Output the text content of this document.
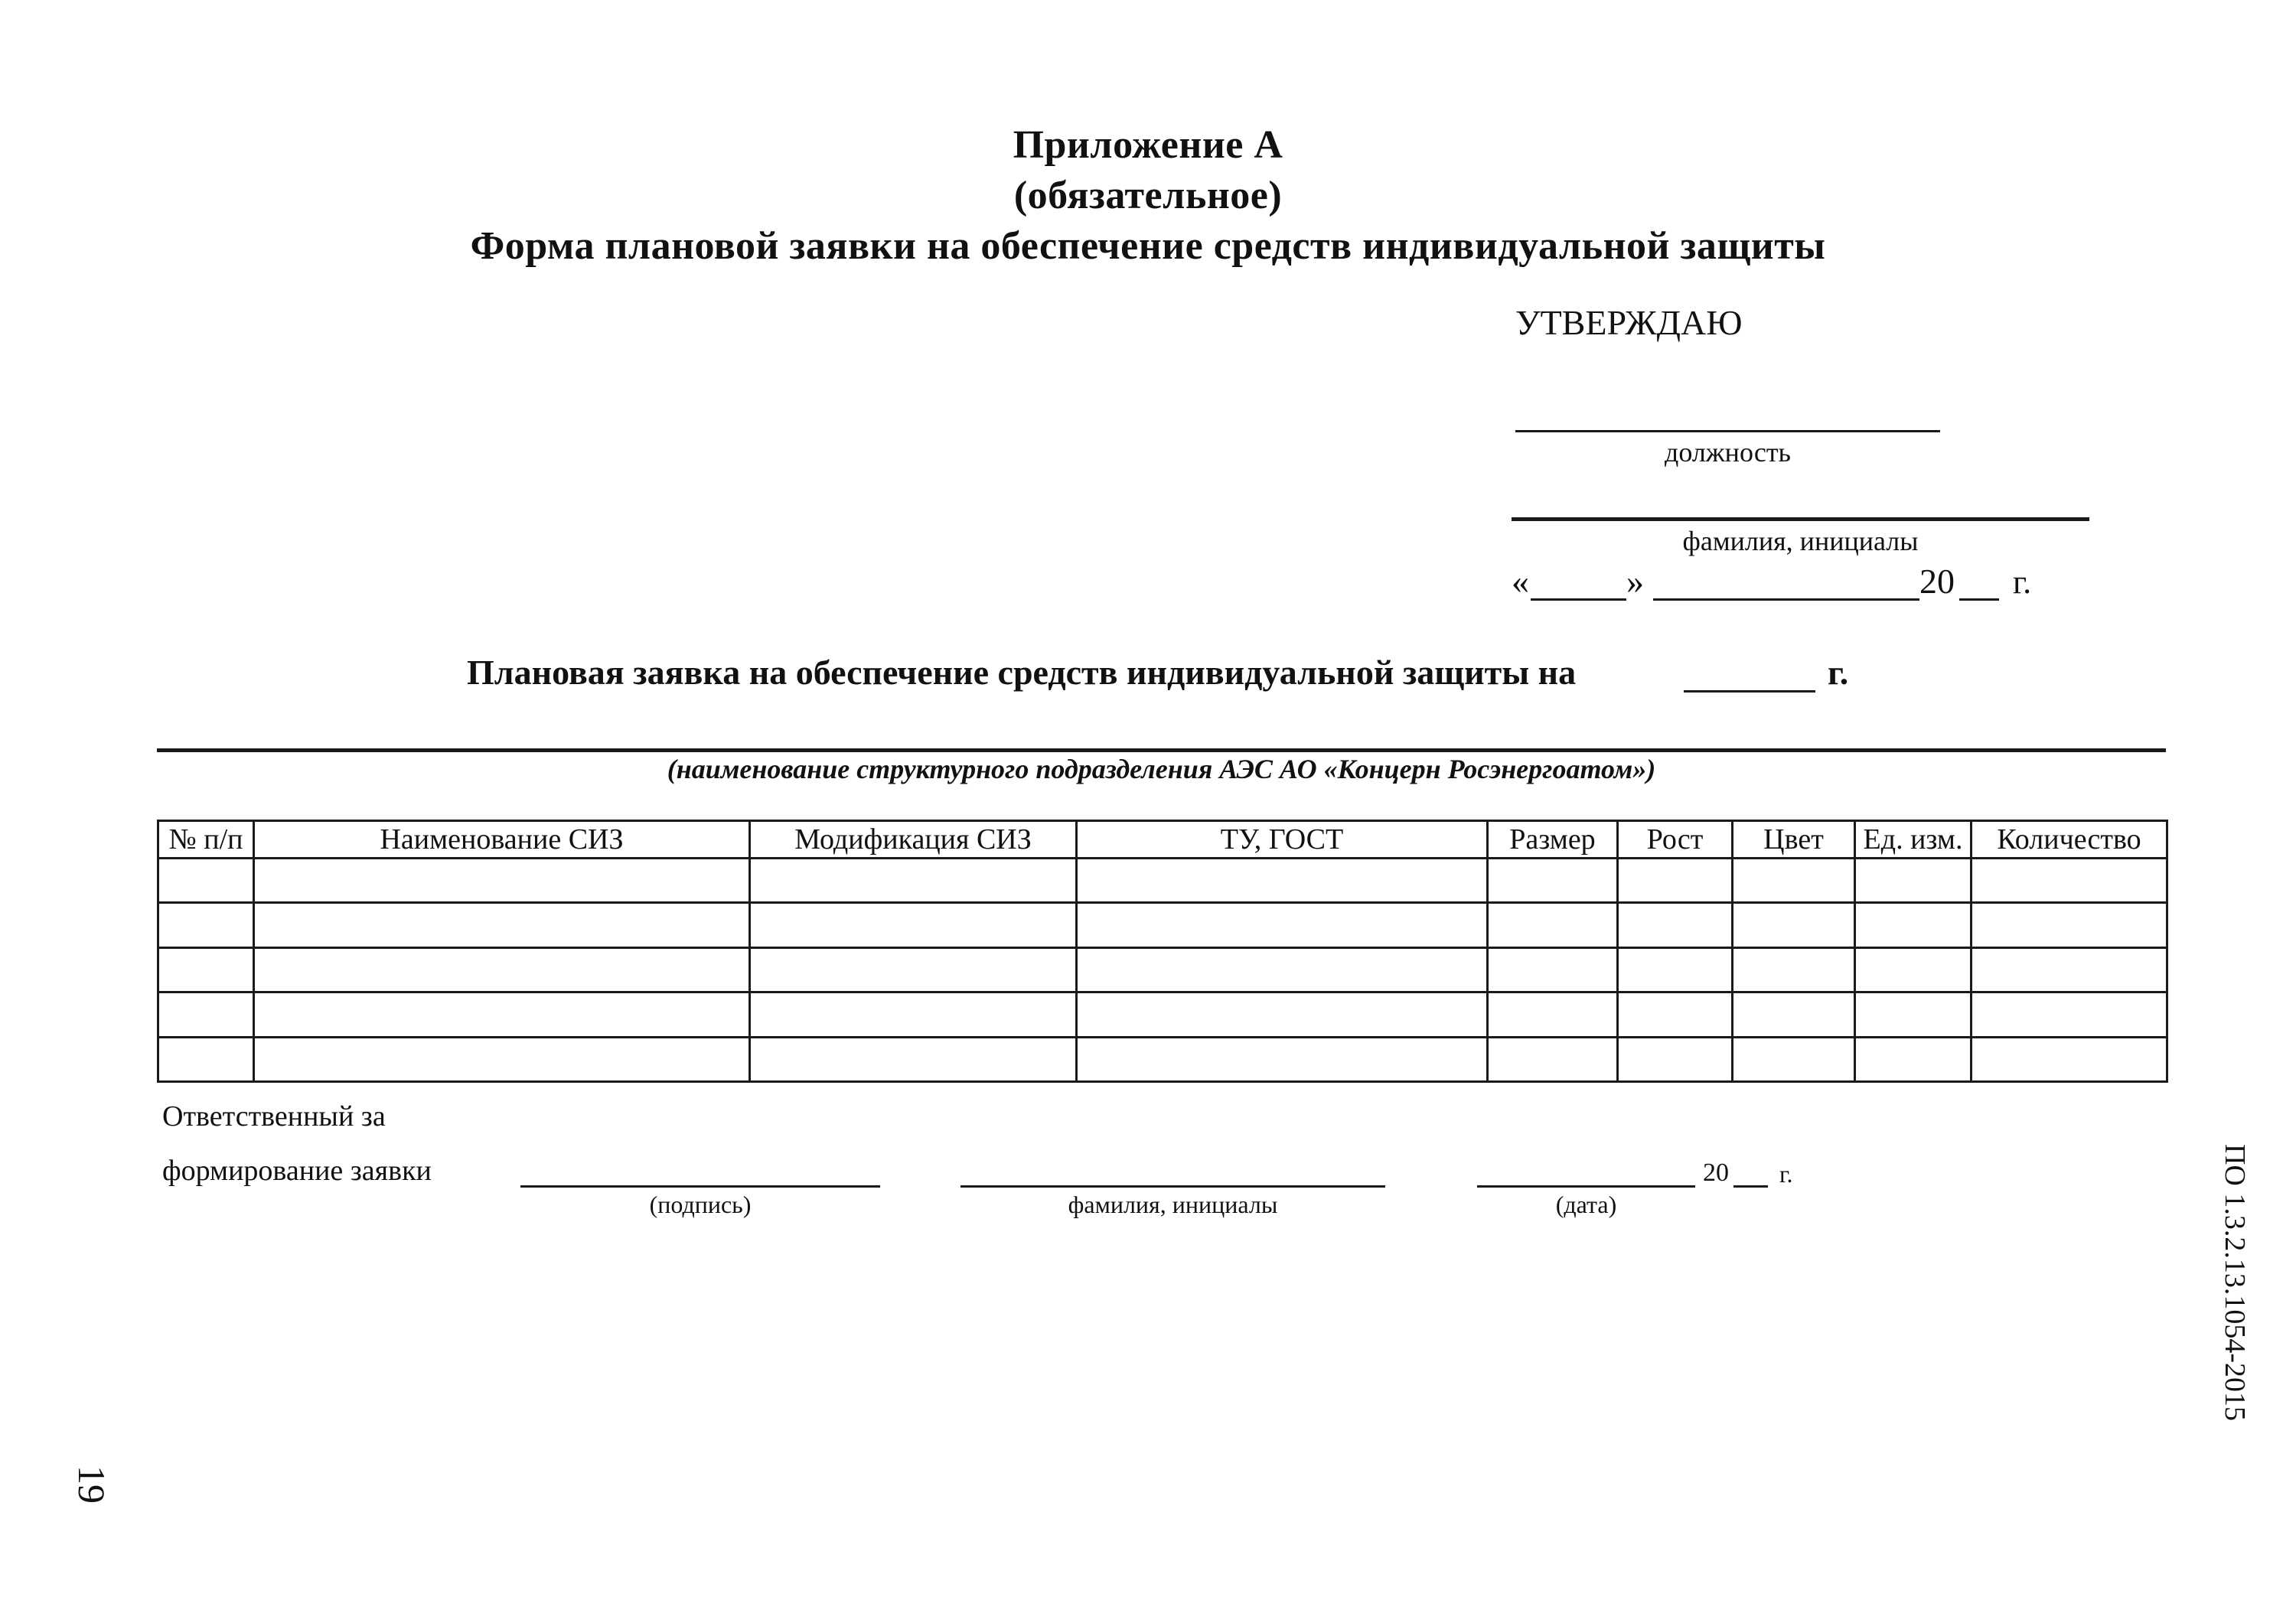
Приложение А
(обязательное)
Форма плановой заявки на обеспечение средств индивидуальной защиты
УТВЕРЖДАЮ
должность
фамилия, инициалы
«	»	20 г.
Плановая заявка на обеспечение средств индивидуальной защиты на	г.
(наименование структурного подразделения АЭС АО «Концерн Росэнергоатом»)
№ п/п	Наименование СИЗ	Модификация СИЗ	ТУ, ГОСТ	Размер	Рост	Цвет	Ед. изм.	Количество

Ответственный за
формирование заявки
(подпись)	фамилия, инициалы	(дата)
20 г.
19
ПО 1.3.2.13.1054-2015
